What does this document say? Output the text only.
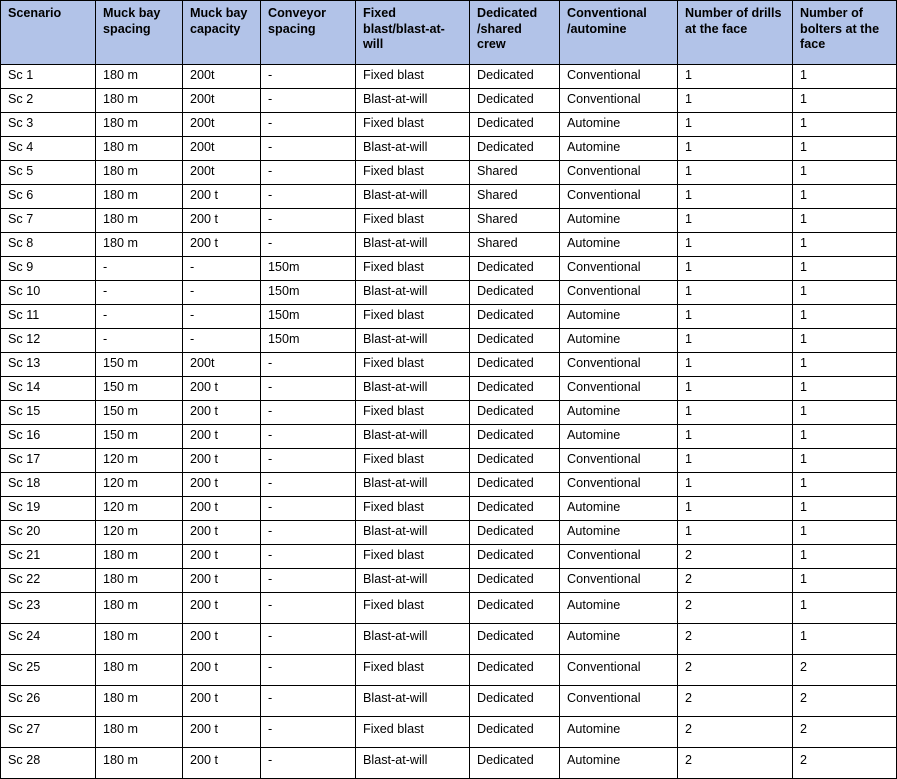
Scenario	Muck bay spacing	Muck bay capacity	Conveyor spacing	Fixed blast/blast-at-will	Dedicated /shared crew	Conventional /automine	Number of drills at the face	Number of bolters at the face
Sc 1	180 m	200t	-	Fixed blast	Dedicated	Conventional	1	1
Sc 2	180 m	200t	-	Blast-at-will	Dedicated	Conventional	1	1
Sc 3	180 m	200t	-	Fixed blast	Dedicated	Automine	1	1
Sc 4	180 m	200t	-	Blast-at-will	Dedicated	Automine	1	1
Sc 5	180 m	200t	-	Fixed blast	Shared	Conventional	1	1
Sc 6	180 m	200 t	-	Blast-at-will	Shared	Conventional	1	1
Sc 7	180 m	200 t	-	Fixed blast	Shared	Automine	1	1
Sc 8	180 m	200 t	-	Blast-at-will	Shared	Automine	1	1
Sc 9	-	-	150m	Fixed blast	Dedicated	Conventional	1	1
Sc 10	-	-	150m	Blast-at-will	Dedicated	Conventional	1	1
Sc 11	-	-	150m	Fixed blast	Dedicated	Automine	1	1
Sc 12	-	-	150m	Blast-at-will	Dedicated	Automine	1	1
Sc 13	150 m	200t	-	Fixed blast	Dedicated	Conventional	1	1
Sc 14	150 m	200 t	-	Blast-at-will	Dedicated	Conventional	1	1
Sc 15	150 m	200 t	-	Fixed blast	Dedicated	Automine	1	1
Sc 16	150 m	200 t	-	Blast-at-will	Dedicated	Automine	1	1
Sc 17	120 m	200 t	-	Fixed blast	Dedicated	Conventional	1	1
Sc 18	120 m	200 t	-	Blast-at-will	Dedicated	Conventional	1	1
Sc 19	120 m	200 t	-	Fixed blast	Dedicated	Automine	1	1
Sc 20	120 m	200 t	-	Blast-at-will	Dedicated	Automine	1	1
Sc 21	180 m	200 t	-	Fixed blast	Dedicated	Conventional	2	1
Sc 22	180 m	200 t	-	Blast-at-will	Dedicated	Conventional	2	1
Sc 23	180 m	200 t	-	Fixed blast	Dedicated	Automine	2	1
Sc 24	180 m	200 t	-	Blast-at-will	Dedicated	Automine	2	1
Sc 25	180 m	200 t	-	Fixed blast	Dedicated	Conventional	2	2
Sc 26	180 m	200 t	-	Blast-at-will	Dedicated	Conventional	2	2
Sc 27	180 m	200 t	-	Fixed blast	Dedicated	Automine	2	2
Sc 28	180 m	200 t	-	Blast-at-will	Dedicated	Automine	2	2
